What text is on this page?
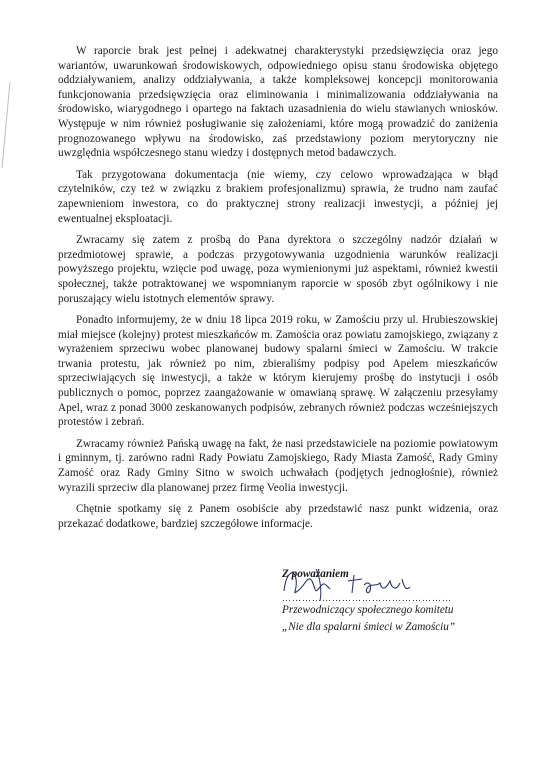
W raporcie brak jest pełnej i adekwatnej charakterystyki przedsięwzięcia oraz jego wariantów, uwarunkowań środowiskowych, odpowiedniego opisu stanu środowiska objętego oddziaływaniem, analizy oddziaływania, a także kompleksowej koncepcji monitorowania funkcjonowania przedsięwzięcia oraz eliminowania i minimalizowania oddziaływania na środowisko, wiarygodnego i opartego na faktach uzasadnienia do wielu stawianych wniosków. Występuje w nim również posługiwanie się założeniami, które mogą prowadzić do zaniżenia prognozowanego wpływu na środowisko, zaś przedstawiony poziom merytoryczny nie uwzględnia współczesnego stanu wiedzy i dostępnych metod badawczych.

Tak przygotowana dokumentacja (nie wiemy, czy celowo wprowadzająca w błąd czytelników, czy też w związku z brakiem profesjonalizmu) sprawia, że trudno nam zaufać zapewnieniom inwestora, co do praktycznej strony realizacji inwestycji, a później jej ewentualnej eksploatacji.

Zwracamy się zatem z prośbą do Pana dyrektora o szczególny nadzór działań w przedmiotowej sprawie, a podczas przygotowywania uzgodnienia warunków realizacji powyższego projektu, wzięcie pod uwagę, poza wymienionymi już aspektami, również kwestii społecznej, także potraktowanej we wspomnianym raporcie w sposób zbyt ogólnikowy i nie poruszający wielu istotnych elementów sprawy.

Ponadto informujemy, że w dniu 18 lipca 2019 roku, w Zamościu przy ul. Hrubieszowskiej miał miejsce (kolejny) protest mieszkańców m. Zamościa oraz powiatu zamojskiego, związany z wyrażeniem sprzeciwu wobec planowanej budowy spalarni śmieci w Zamościu. W trakcie trwania protestu, jak również po nim, zbieraliśmy podpisy pod Apelem mieszkańców sprzeciwiających się inwestycji, a także w którym kierujemy prośbę do instytucji i osób publicznych o pomoc, poprzez zaangażowanie w omawianą sprawę. W załączeniu przesyłamy Apel, wraz z ponad 3000 zeskanowanych podpisów, zebranych również podczas wcześniejszych protestów i zebrań.

Zwracamy również Pańską uwagę na fakt, że nasi przedstawiciele na poziomie powiatowym i gminnym, tj. zarówno radni Rady Powiatu Zamojskiego, Rady Miasta Zamość, Rady Gminy Zamość oraz Rady Gminy Sitno w swoich uchwałach (podjętych jednogłośnie), również wyrazili sprzeciw dla planowanej przez firmę Veolia inwestycji.

Chętnie spotkamy się z Panem osobiście aby przedstawić nasz punkt widzenia, oraz przekazać dodatkowe, bardziej szczegółowe informacje.

Z poważaniem
……………………………………………
Przewodniczący społecznego komitetu
„Nie dla spalarni śmieci w Zamościu”
